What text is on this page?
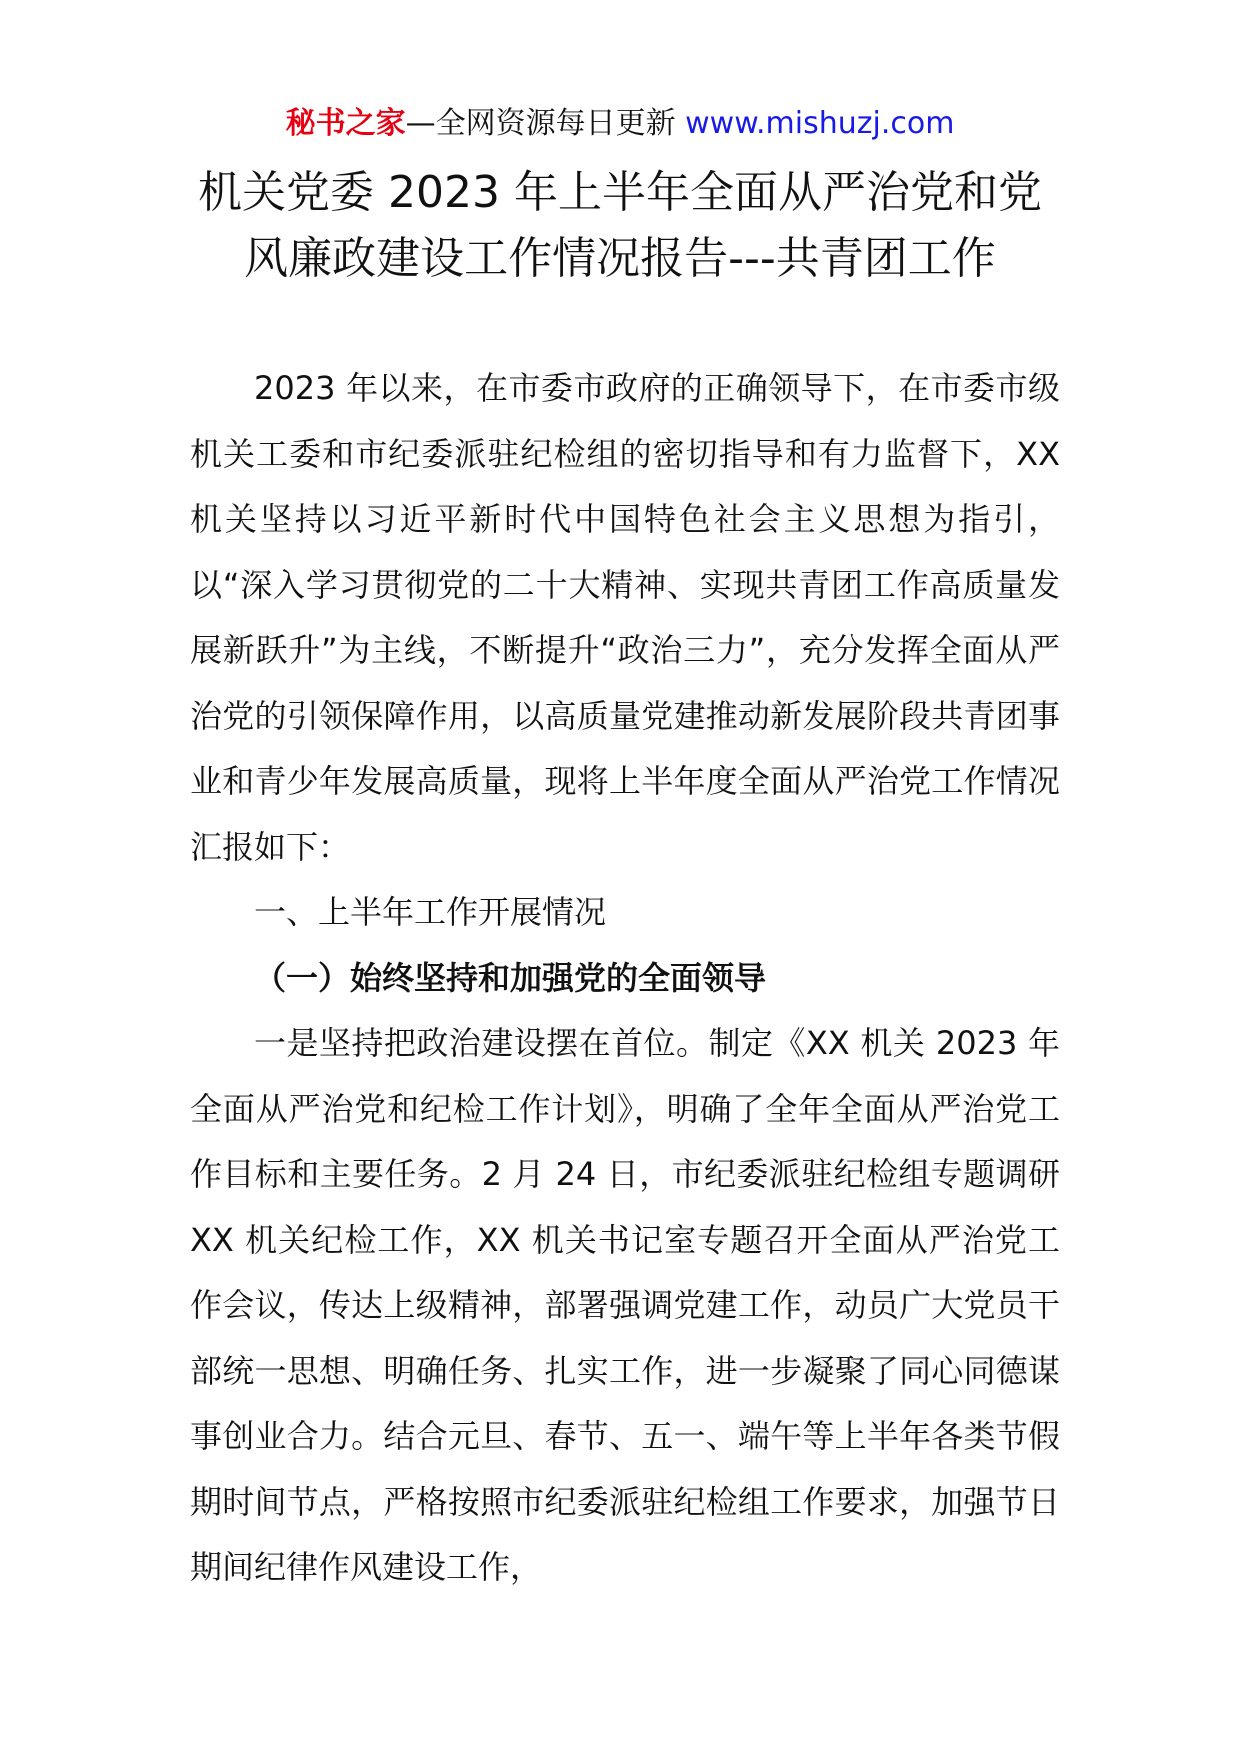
秘书之家—全网资源每日更新 www.mishuzj.com
机关党委 2023 年上半年全面从严治党和党
风廉政建设工作情况报告---共青团工作

2023 年以来，在市委市政府的正确领导下，在市委市级机关工委和市纪委派驻纪检组的密切指导和有力监督下，XX 机关坚持以习近平新时代中国特色社会主义思想为指引，以“深入学习贯彻党的二十大精神、实现共青团工作高质量发展新跃升”为主线，不断提升“政治三力”，充分发挥全面从严治党的引领保障作用，以高质量党建推动新发展阶段共青团事业和青少年发展高质量，现将上半年度全面从严治党工作情况汇报如下：

一、上半年工作开展情况

（一）始终坚持和加强党的全面领导

一是坚持把政治建设摆在首位。制定《XX 机关 2023 年全面从严治党和纪检工作计划》，明确了全年全面从严治党工作目标和主要任务。2 月 24 日，市纪委派驻纪检组专题调研 XX 机关纪检工作，XX 机关书记室专题召开全面从严治党工作会议，传达上级精神，部署强调党建工作，动员广大党员干部统一思想、明确任务、扎实工作，进一步凝聚了同心同德谋事创业合力。结合元旦、春节、五一、端午等上半年各类节假期时间节点，严格按照市纪委派驻纪检组工作要求，加强节日期间纪律作风建设工作，
